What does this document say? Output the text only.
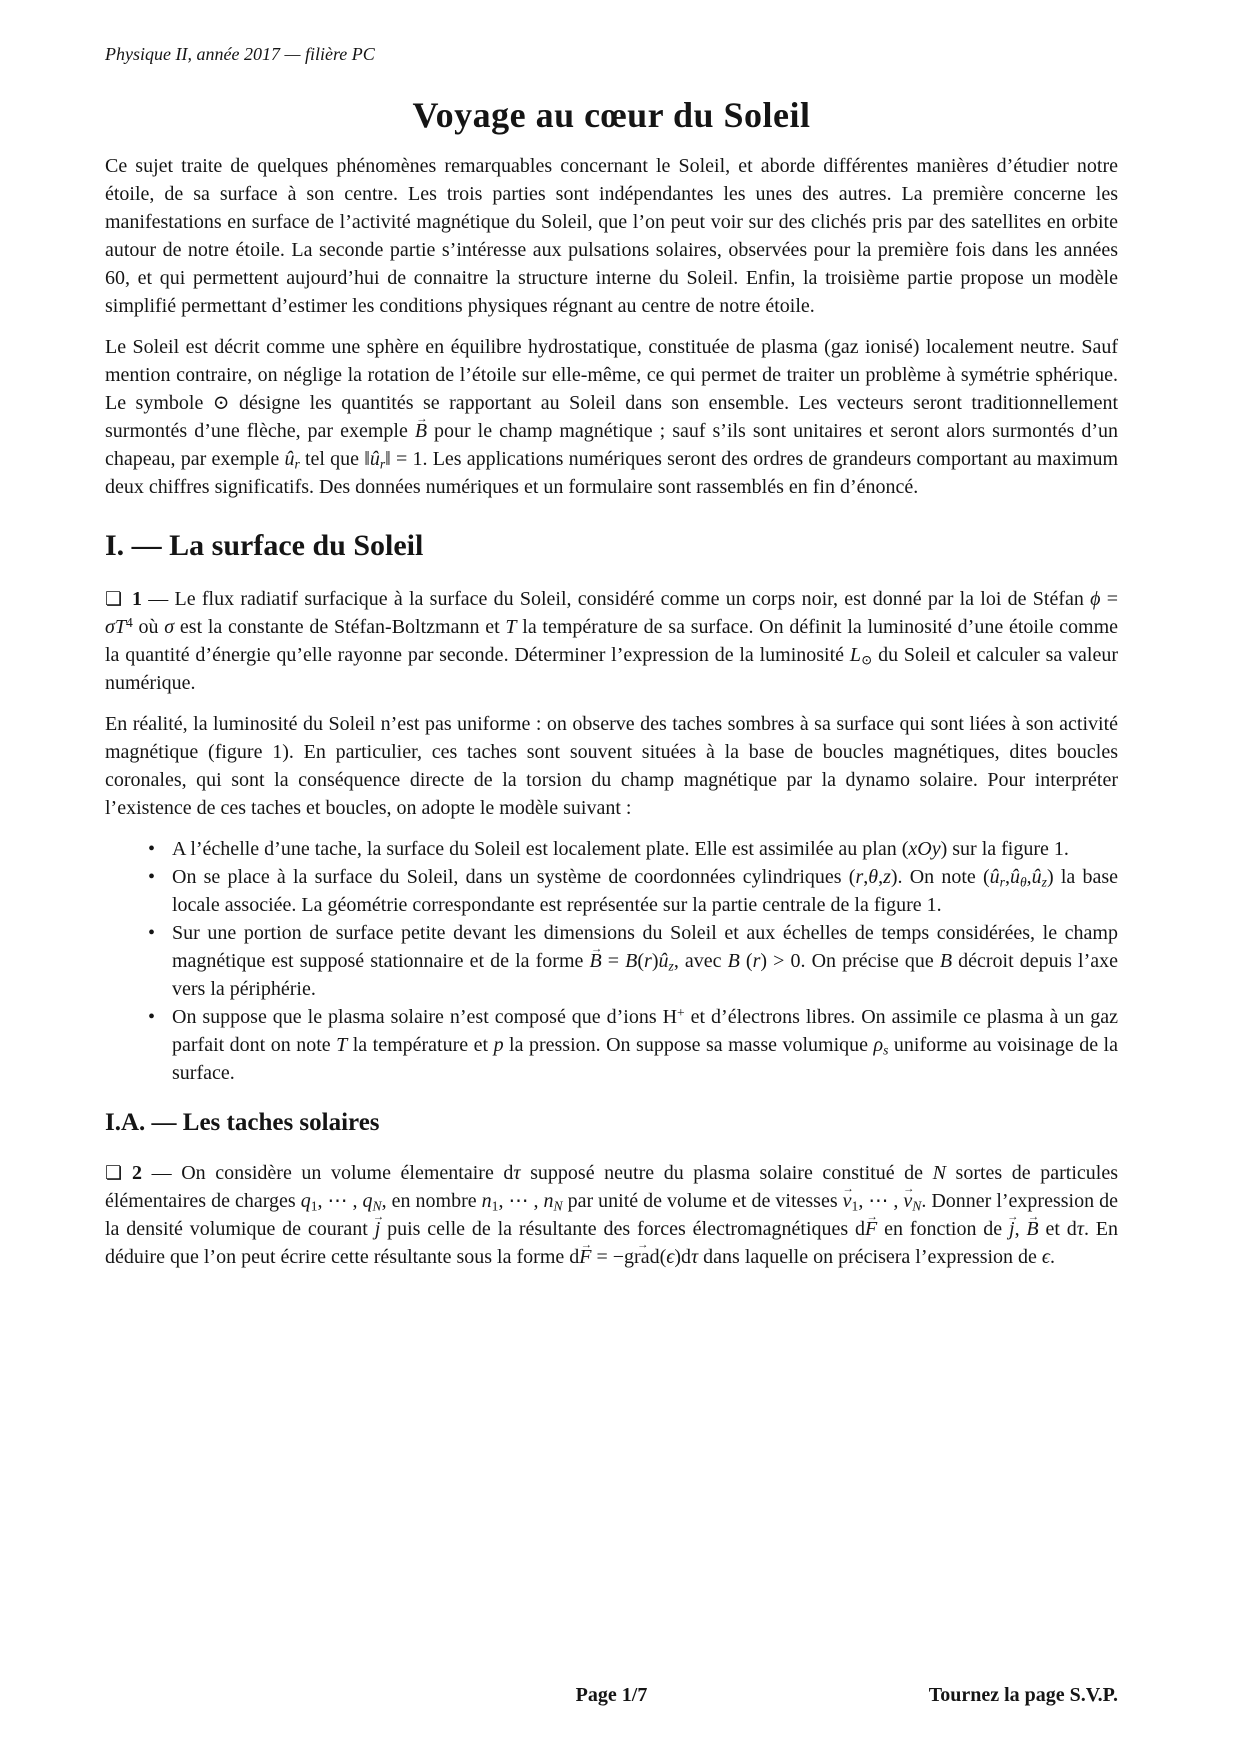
Physique II, année 2017 — filière PC

Voyage au cœur du Soleil

Ce sujet traite de quelques phénomènes remarquables concernant le Soleil, et aborde différentes manières d’étudier notre étoile, de sa surface à son centre. Les trois parties sont indépendantes les unes des autres. La première concerne les manifestations en surface de l’activité magnétique du Soleil, que l’on peut voir sur des clichés pris par des satellites en orbite autour de notre étoile. La seconde partie s’intéresse aux pulsations solaires, observées pour la première fois dans les années 60, et qui permettent aujourd’hui de connaitre la structure interne du Soleil. Enfin, la troisième partie propose un modèle simplifié permettant d’estimer les conditions physiques régnant au centre de notre étoile.

Le Soleil est décrit comme une sphère en équilibre hydrostatique, constituée de plasma (gaz ionisé) localement neutre. Sauf mention contraire, on néglige la rotation de l’étoile sur elle-même, ce qui permet de traiter un problème à symétrie sphérique. Le symbole ⊙ désigne les quantités se rapportant au Soleil dans son ensemble. Les vecteurs seront traditionnellement surmontés d’une flèche, par exemple → B pour le champ magnétique ; sauf s’ils sont unitaires et seront alors surmontés d’un chapeau, par exemple $û_r$ tel que $‖û_r‖ = 1$. Les applications numériques seront des ordres de grandeurs comportant au maximum deux chiffres significatifs. Des données numériques et un formulaire sont rassemblés en fin d’énoncé.

I. — La surface du Soleil

❏ 1 — Le flux radiatif surfacique à la surface du Soleil, considéré comme un corps noir, est donné par la loi de Stéfan $\phi = \sigma T^4$ où σ est la constante de Stéfan-Boltzmann et T la température de sa surface. On définit la luminosité d’une étoile comme la quantité d’énergie qu’elle rayonne par seconde. Déterminer l’expression de la luminosité $L_⊙$ du Soleil et calculer sa valeur numérique.

En réalité, la luminosité du Soleil n’est pas uniforme : on observe des taches sombres à sa surface qui sont liées à son activité magnétique (figure 1). En particulier, ces taches sont souvent situées à la base de boucles magnétiques, dites boucles coronales, qui sont la conséquence directe de la torsion du champ magnétique par la dynamo solaire. Pour interpréter l’existence de ces taches et boucles, on adopte le modèle suivant :

• A l’échelle d’une tache, la surface du Soleil est localement plate. Elle est assimilée au plan (xOy) sur la figure 1.
• On se place à la surface du Soleil, dans un système de coordonnées cylindriques (r,θ,z). On note $(û_r,û_\theta,û_z)$ la base locale associée. La géométrie correspondante est représentée sur la partie centrale de la figure 1.
• Sur une portion de surface petite devant les dimensions du Soleil et aux échelles de temps considérées, le champ magnétique est supposé stationnaire et de la forme → $B = B(r)û_z$, avec B (r) > 0. On précise que B décroit depuis l’axe vers la périphérie.
• On suppose que le plasma solaire n’est composé que d’ions H+ et d’électrons libres. On assimile ce plasma à un gaz parfait dont on note T la température et p la pression. On suppose sa masse volumique $\rho_s$ uniforme au voisinage de la surface.
I.A. — Les taches solaires

❏ 2 — On considère un volume élementaire dτ supposé neutre du plasma solaire constitué de N sortes de particules élémentaires de charges $q_1$, ⋯ , $q_N$, en nombre $n_1$, ⋯ , $n_N$ par unité de volume et de vitesses → $v_1$, ⋯ , → $v_N$. Donner l’expression de la densité volumique de courant → j puis celle de la résultante des forces électromagnétiques d→ F en fonction de → j, → B et dτ. En déduire que l’on peut écrire cette résultante sous la forme d→ F = −→ grad(ϵ)dτ dans laquelle on précisera l’expression de ϵ.

Page 1/7	Tournez la page S.V.P.
